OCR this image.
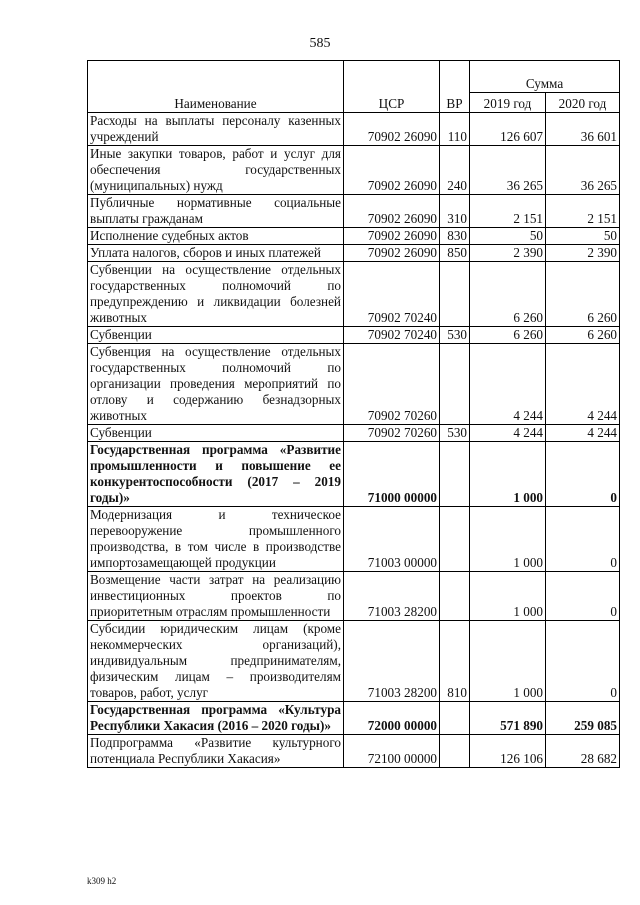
585
Наименование	ЦСР	ВР	Сумма	
			2019 год	2020 год
Расходы на выплаты персоналу казенных учреждений	70902 26090	110	126 607	36 601
Иные закупки товаров, работ и услуг для обеспечения государственных (муниципальных) нужд	70902 26090	240	36 265	36 265
Публичные нормативные социальные выплаты гражданам	70902 26090	310	2 151	2 151
Исполнение судебных актов	70902 26090	830	50	50
Уплата налогов, сборов и иных платежей	70902 26090	850	2 390	2 390
Субвенции на осуществление отдельных государственных полномочий по предупреждению и ликвидации болезней животных	70902 70240		6 260	6 260
Субвенции	70902 70240	530	6 260	6 260
Субвенция на осуществление отдельных государственных полномочий по организации проведения мероприятий по отлову и содержанию безнадзорных животных	70902 70260		4 244	4 244
Субвенции	70902 70260	530	4 244	4 244
Государственная программа «Развитие промышленности и повышение ее конкурентоспособности (2017 – 2019 годы)»	71000 00000		1 000	0
Модернизация и техническое перевооружение промышленного производства, в том числе в производстве импортозамещающей продукции	71003 00000		1 000	0
Возмещение части затрат на реализацию инвестиционных проектов по приоритетным отраслям промышленности	71003 28200		1 000	0
Субсидии юридическим лицам (кроме некоммерческих организаций), индивидуальным предпринимателям, физическим лицам – производителям товаров, работ, услуг	71003 28200	810	1 000	0
Государственная программа «Культура Республики Хакасия (2016 – 2020 годы)»	72000 00000		571 890	259 085
Подпрограмма «Развитие культурного потенциала Республики Хакасия»	72100 00000		126 106	28 682
k309 h2
